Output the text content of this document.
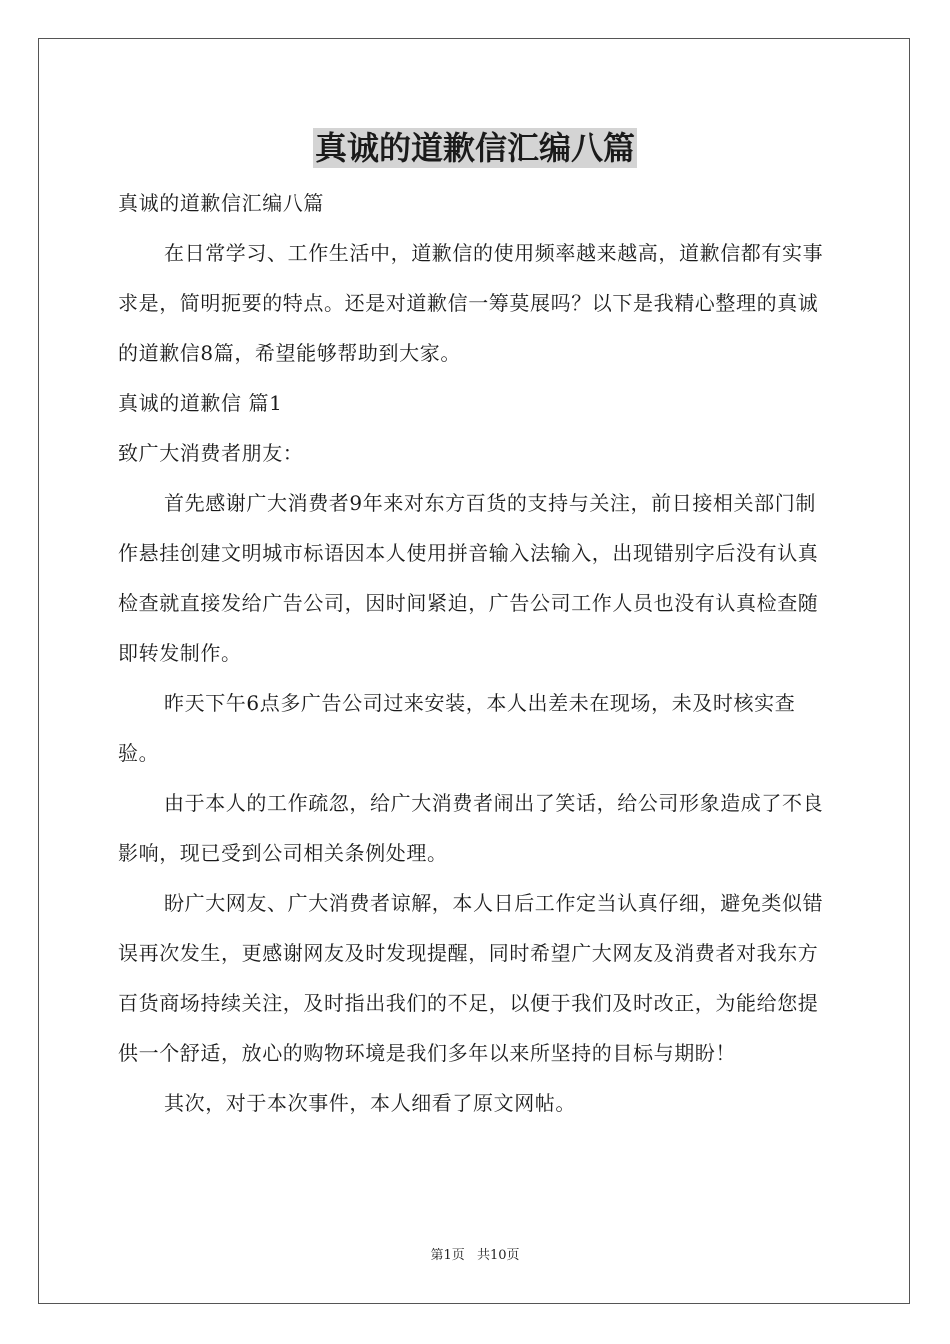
真诚的道歉信汇编八篇

真诚的道歉信汇编八篇

在日常学习、工作生活中，道歉信的使用频率越来越高，道歉信都有实事求是，简明扼要的特点。还是对道歉信一筹莫展吗？以下是我精心整理的真诚的道歉信8篇，希望能够帮助到大家。

真诚的道歉信 篇1

致广大消费者朋友：

首先感谢广大消费者9年来对东方百货的支持与关注，前日接相关部门制作悬挂创建文明城市标语因本人使用拼音输入法输入，出现错别字后没有认真检查就直接发给广告公司，因时间紧迫，广告公司工作人员也没有认真检查随即转发制作。

昨天下午6点多广告公司过来安装，本人出差未在现场，未及时核实查验。

由于本人的工作疏忽，给广大消费者闹出了笑话，给公司形象造成了不良影响，现已受到公司相关条例处理。

盼广大网友、广大消费者谅解，本人日后工作定当认真仔细，避免类似错误再次发生，更感谢网友及时发现提醒，同时希望广大网友及消费者对我东方百货商场持续关注，及时指出我们的不足，以便于我们及时改正，为能给您提供一个舒适，放心的购物环境是我们多年以来所坚持的目标与期盼！

其次，对于本次事件，本人细看了原文网帖。

第1页 共10页
